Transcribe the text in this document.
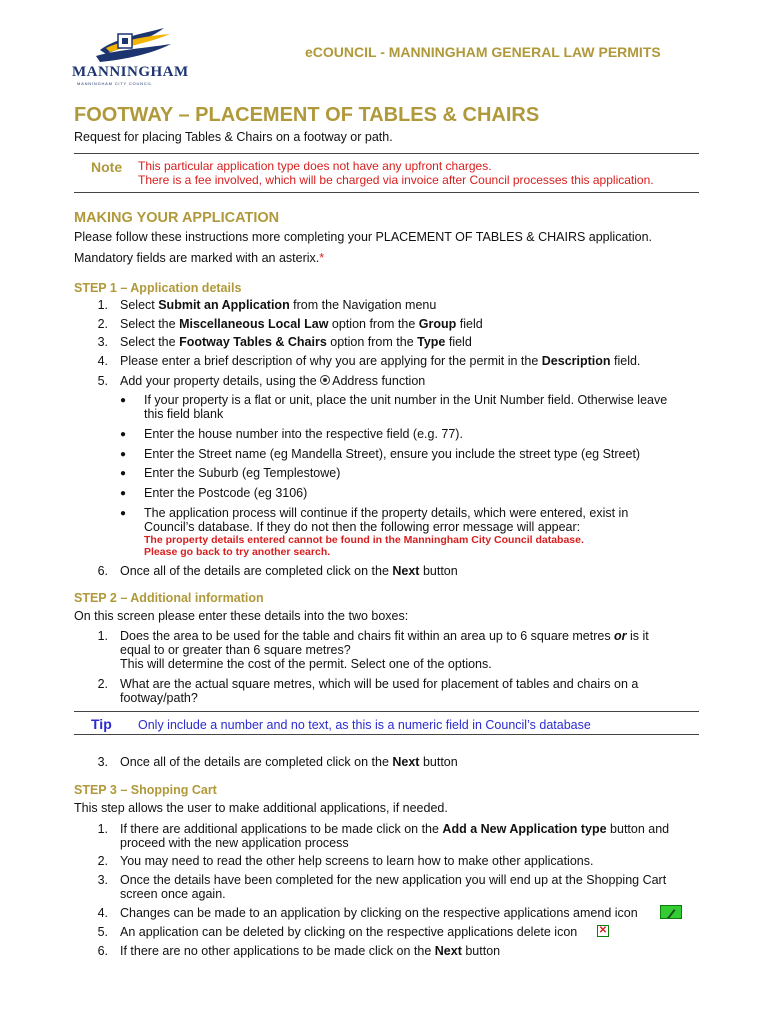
MANNINGHAM
MANNINGHAM CITY COUNCIL
eCOUNCIL - MANNINGHAM GENERAL LAW PERMITS
FOOTWAY – PLACEMENT OF TABLES & CHAIRS
Request for placing Tables & Chairs on a footway or path.
Note This particular application type does not have any upfront charges.
There is a fee involved, which will be charged via invoice after Council processes this application.
MAKING YOUR APPLICATION
Please follow these instructions more completing your PLACEMENT OF TABLES & CHAIRS application.
Mandatory fields are marked with an asterix.*
STEP 1 – Application details
1. Select Submit an Application from the Navigation menu
2. Select the Miscellaneous Local Law option from the Group field
3. Select the Footway Tables & Chairs option from the Type field
4. Please enter a brief description of why you are applying for the permit in the Description field.
5. Add your property details, using the Address function
● If your property is a flat or unit, place the unit number in the Unit Number field. Otherwise leave
this field blank
● Enter the house number into the respective field (e.g. 77).
● Enter the Street name (eg Mandella Street), ensure you include the street type (eg Street)
● Enter the Suburb (eg Templestowe)
● Enter the Postcode (eg 3106)
● The application process will continue if the property details, which were entered, exist in
Council’s database. If they do not then the following error message will appear:
The property details entered cannot be found in the Manningham City Council database.
Please go back to try another search.
6. Once all of the details are completed click on the Next button
STEP 2 – Additional information
On this screen please enter these details into the two boxes:
1. Does the area to be used for the table and chairs fit within an area up to 6 square metres or is it
equal to or greater than 6 square metres?
This will determine the cost of the permit. Select one of the options.
2. What are the actual square metres, which will be used for placement of tables and chairs on a
footway/path?
Tip Only include a number and no text, as this is a numeric field in Council’s database
3. Once all of the details are completed click on the Next button
STEP 3 – Shopping Cart
This step allows the user to make additional applications, if needed.
1. If there are additional applications to be made click on the Add a New Application type button and
proceed with the new application process
2. You may need to read the other help screens to learn how to make other applications.
3. Once the details have been completed for the new application you will end up at the Shopping Cart
screen once again.
4. Changes can be made to an application by clicking on the respective applications amend icon
5. An application can be deleted by clicking on the respective applications delete icon ✕
6. If there are no other applications to be made click on the Next button
